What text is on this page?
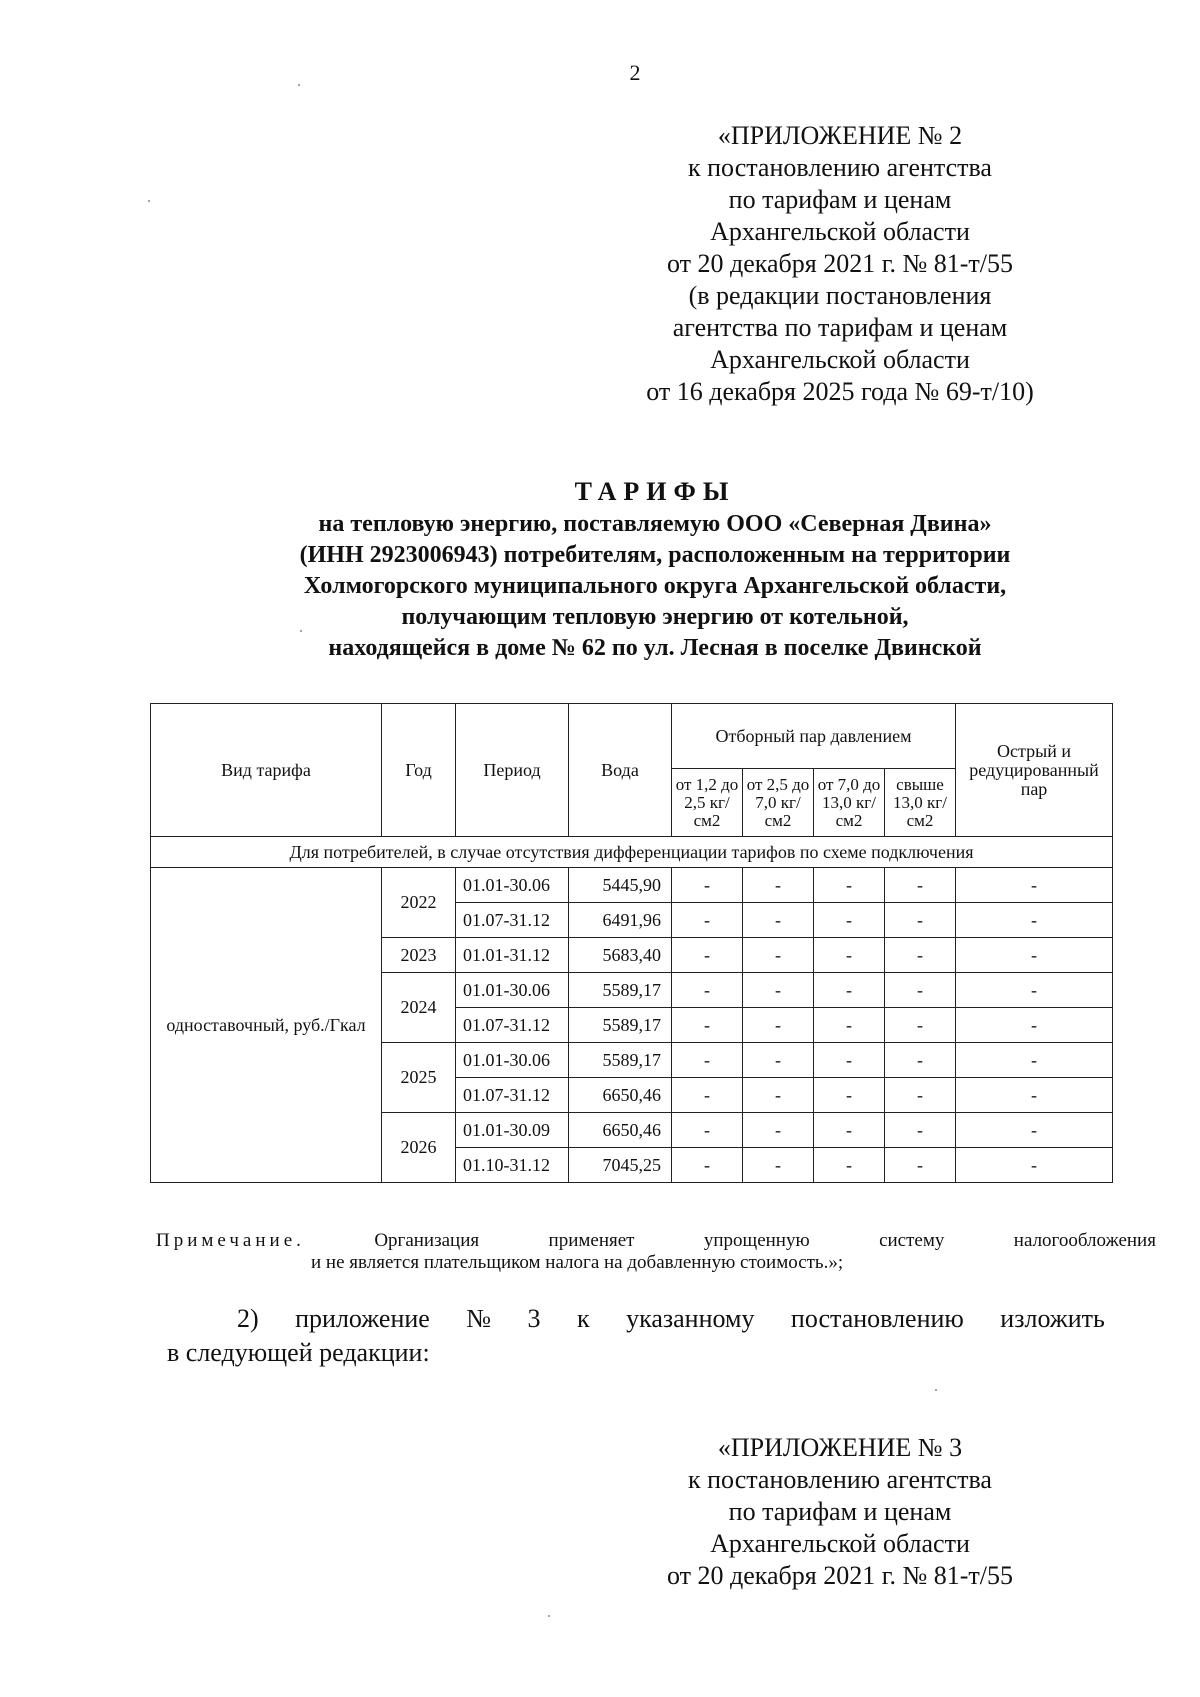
2
«ПРИЛОЖЕНИЕ № 2
к постановлению агентства
по тарифам и ценам
Архангельской области
от 20 декабря 2021 г. № 81-т/55
(в редакции постановления
агентства по тарифам и ценам
Архангельской области
от 16 декабря 2025 года № 69-т/10)
ТАРИФЫ
на тепловую энергию, поставляемую ООО «Северная Двина»
(ИНН 2923006943) потребителям, расположенным на территории
Холмогорского муниципального округа Архангельской области,
получающим тепловую энергию от котельной,
находящейся в доме № 62 по ул. Лесная в поселке Двинской
Вид тарифа	Год	Период	Вода	Отборный пар давлением				Острый и редуцированный пар
				от 1,2 до 2,5 кг/см2	от 2,5 до 7,0 кг/см2	от 7,0 до 13,0 кг/см2	свыше 13,0 кг/см2	
Для потребителей, в случае отсутствия дифференциации тарифов по схеме подключения								
одноставочный, руб./Гкал	2022	01.01-30.06	5445,90	-	-	-	-	-
		01.07-31.12	6491,96	-	-	-	-	-
	2023	01.01-31.12	5683,40	-	-	-	-	-
	2024	01.01-30.06	5589,17	-	-	-	-	-
		01.07-31.12	5589,17	-	-	-	-	-
	2025	01.01-30.06	5589,17	-	-	-	-	-
		01.07-31.12	6650,46	-	-	-	-	-
	2026	01.01-30.09	6650,46	-	-	-	-	-
		01.10-31.12	7045,25	-	-	-	-	-
Примечание.	Организация	применяет	упрощенную	систему	налогообложения
и не является плательщиком налога на добавленную стоимость.»;
2) приложение № 3 к указанному постановлению изложить
в следующей редакции:
«ПРИЛОЖЕНИЕ № 3
к постановлению агентства
по тарифам и ценам
Архангельской области
от 20 декабря 2021 г. № 81-т/55
